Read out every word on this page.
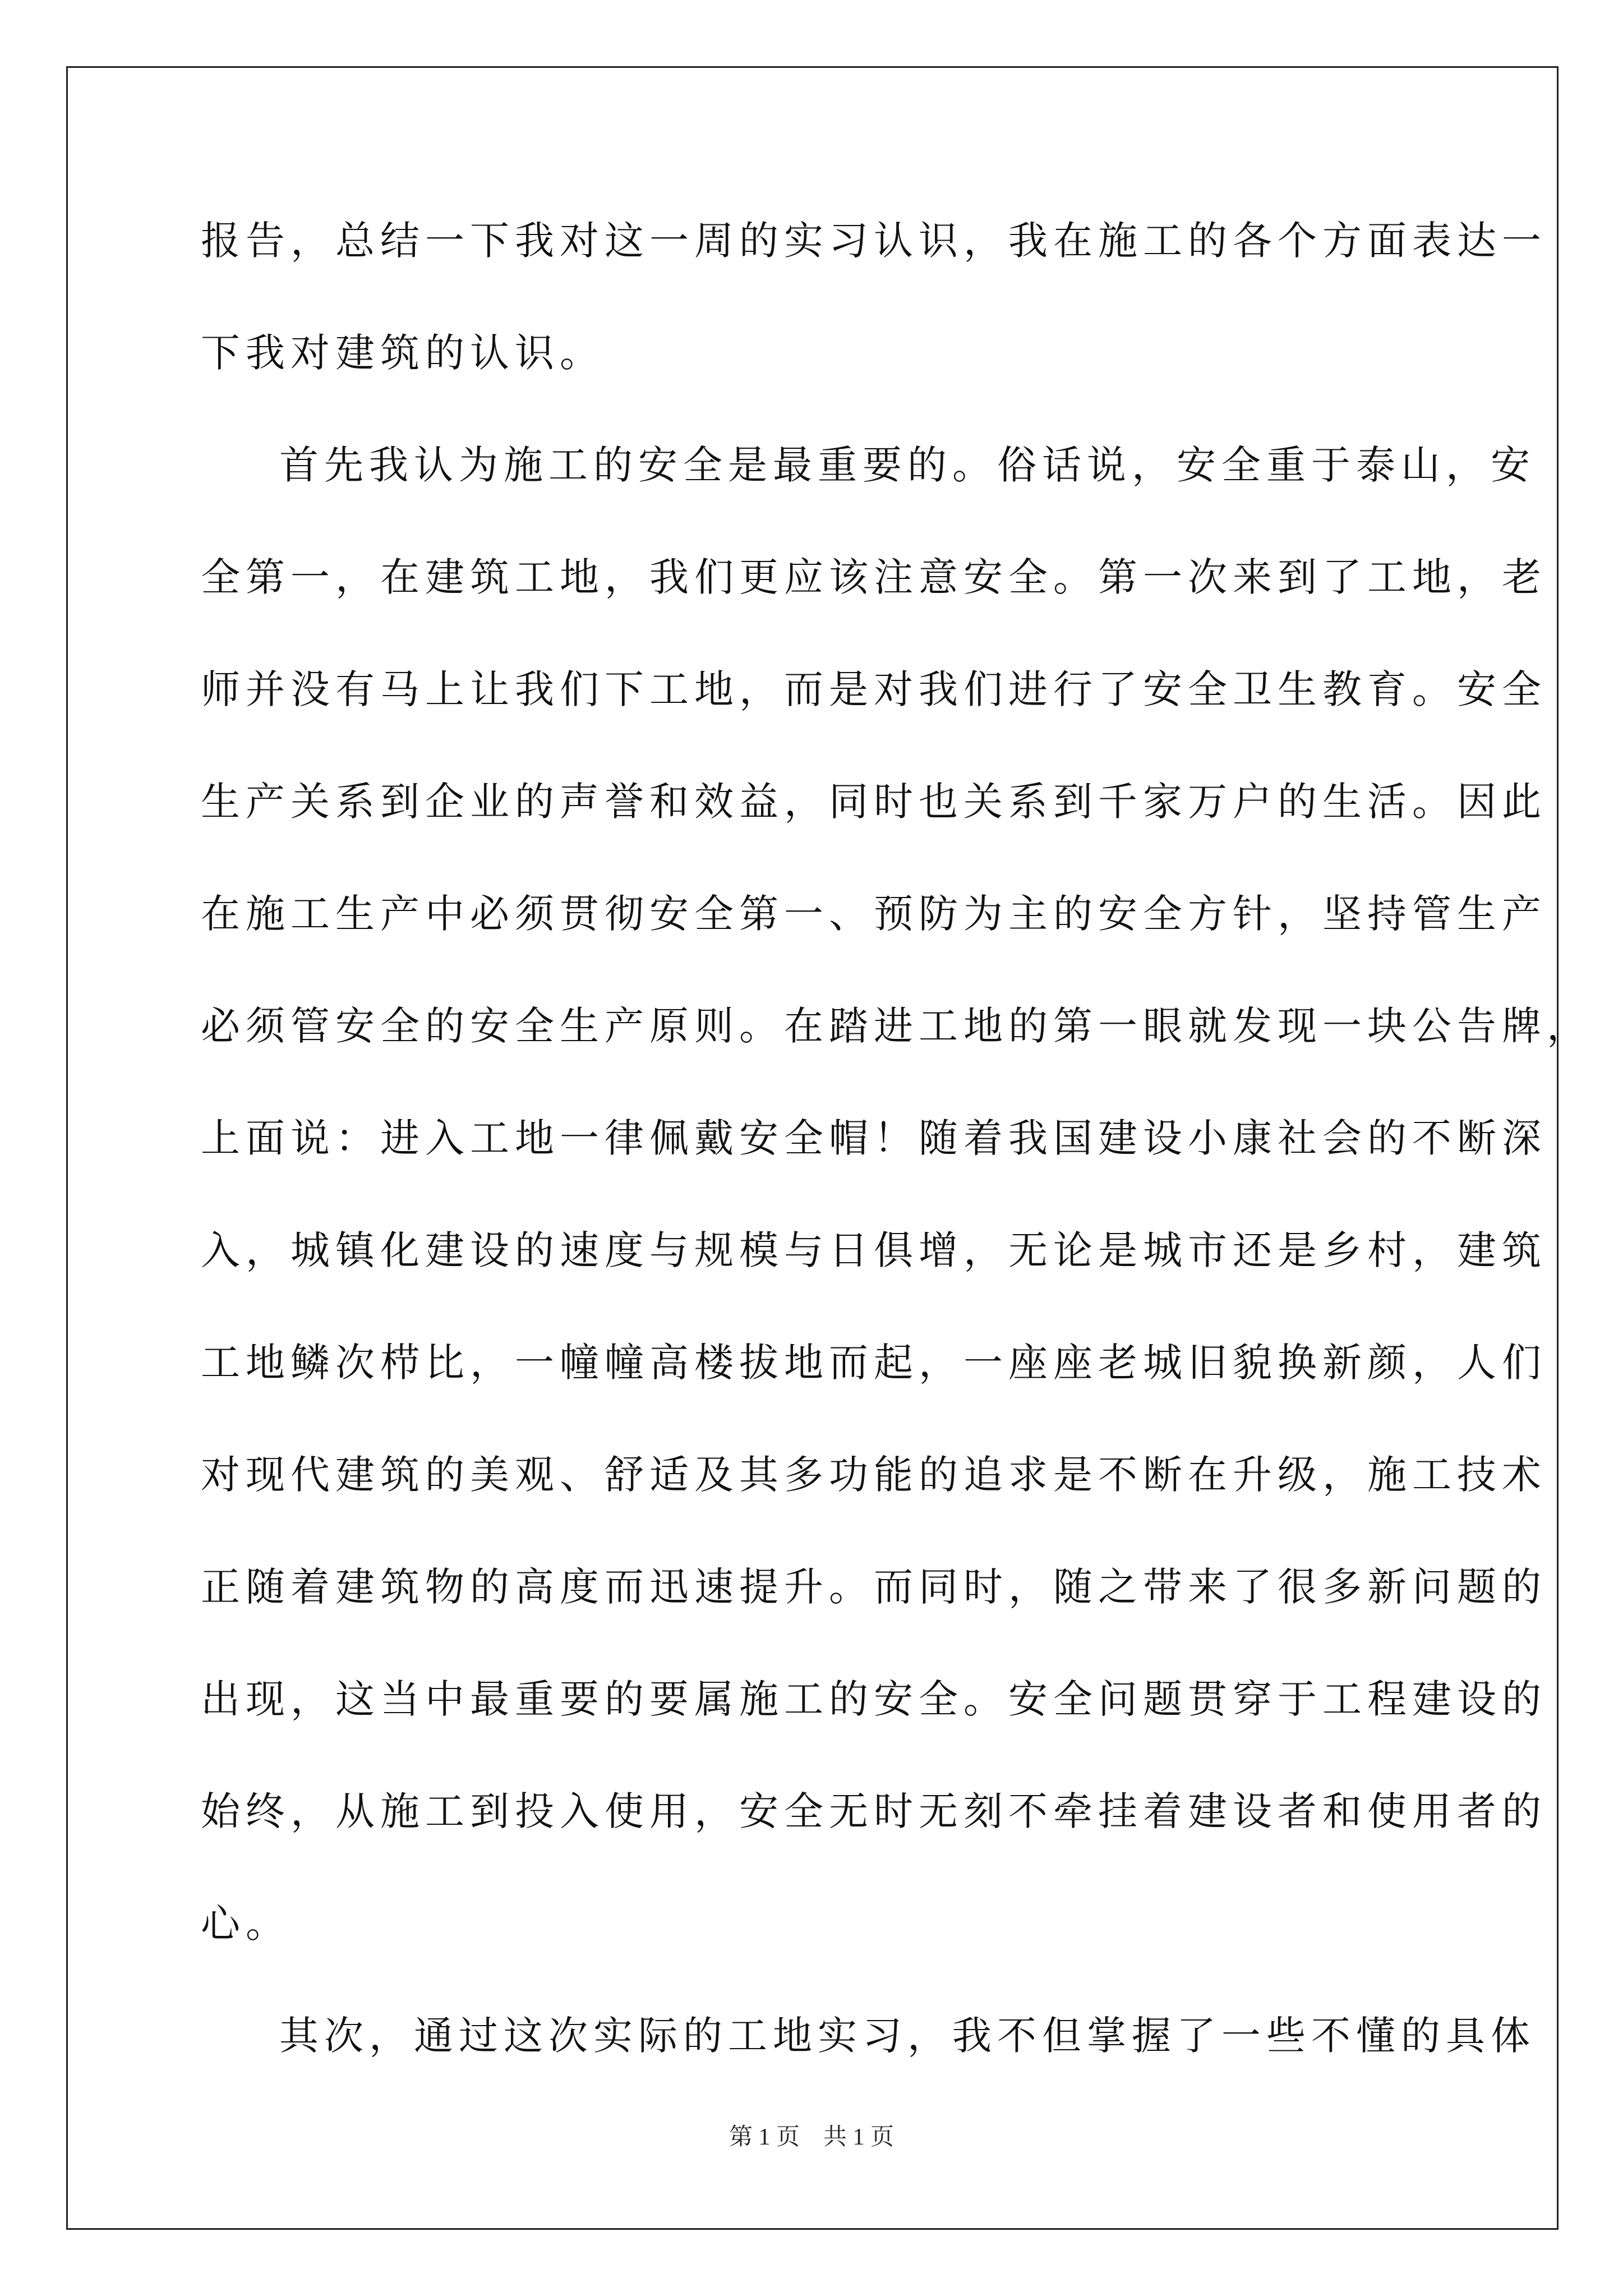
报告，总结一下我对这一周的实习认识，我在施工的各个方面表达一
下我对建筑的认识。
首先我认为施工的安全是最重要的。俗话说，安全重于泰山，安
全第一，在建筑工地，我们更应该注意安全。第一次来到了工地，老
师并没有马上让我们下工地，而是对我们进行了安全卫生教育。安全
生产关系到企业的声誉和效益，同时也关系到千家万户的生活。因此
在施工生产中必须贯彻安全第一、预防为主的安全方针，坚持管生产
必须管安全的安全生产原则。在踏进工地的第一眼就发现一块公告牌，
上面说：进入工地一律佩戴安全帽！随着我国建设小康社会的不断深
入，城镇化建设的速度与规模与日俱增，无论是城市还是乡村，建筑
工地鳞次栉比，一幢幢高楼拔地而起，一座座老城旧貌换新颜，人们
对现代建筑的美观、舒适及其多功能的追求是不断在升级，施工技术
正随着建筑物的高度而迅速提升。而同时，随之带来了很多新问题的
出现，这当中最重要的要属施工的安全。安全问题贯穿于工程建设的
始终，从施工到投入使用，安全无时无刻不牵挂着建设者和使用者的
心。
其次，通过这次实际的工地实习，我不但掌握了一些不懂的具体
第 1 页　共 1 页
